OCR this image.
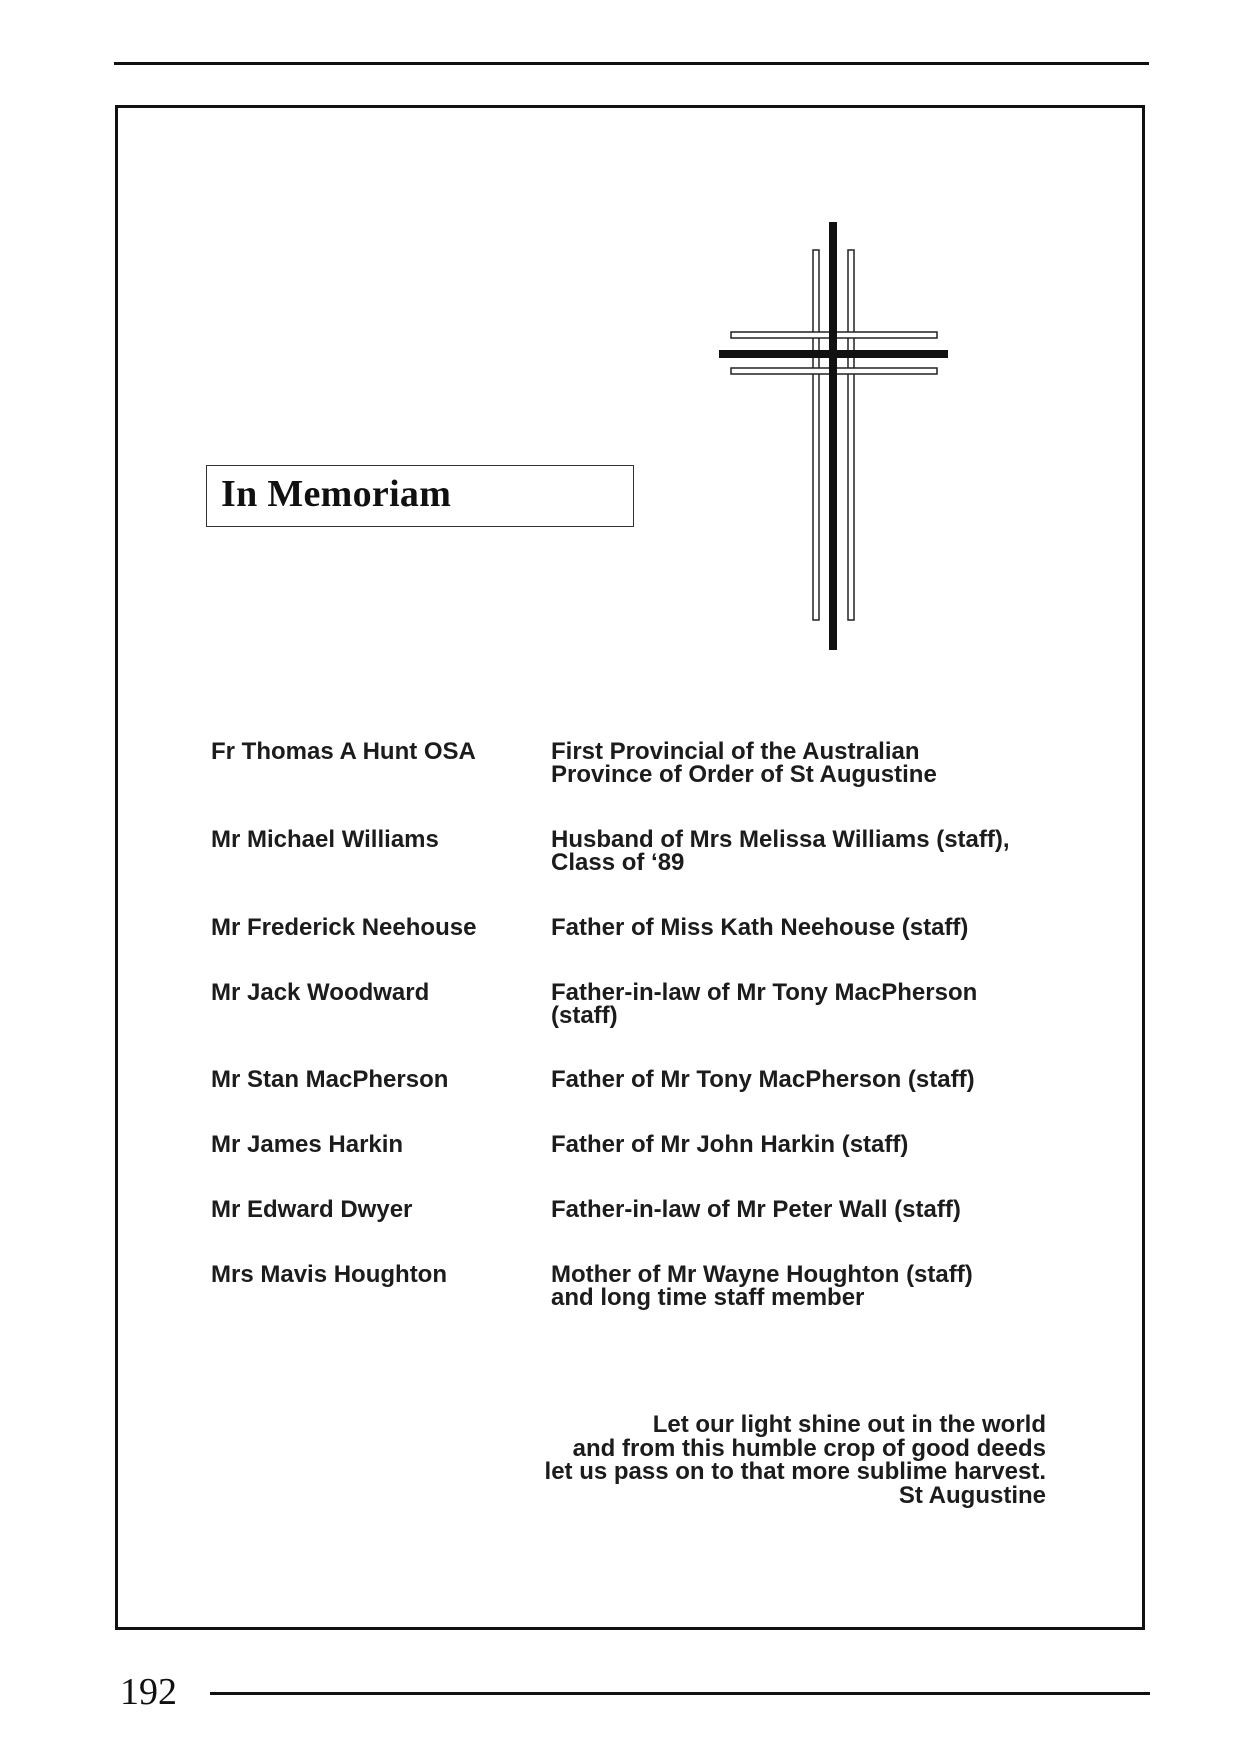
In Memoriam
Fr Thomas A Hunt OSA	First Provincial of the Australian
Province of Order of St Augustine
Mr Michael Williams	Husband of Mrs Melissa Williams (staff),
Class of ‘89
Mr Frederick Neehouse	Father of Miss Kath Neehouse (staff)
Mr Jack Woodward	Father-in-law of Mr Tony MacPherson
(staff)
Mr Stan MacPherson	Father of Mr Tony MacPherson (staff)
Mr James Harkin	Father of Mr John Harkin (staff)
Mr Edward Dwyer	Father-in-law of Mr Peter Wall (staff)
Mrs Mavis Houghton	Mother of Mr Wayne Houghton (staff)
and long time staff member
Let our light shine out in the world
and from this humble crop of good deeds
let us pass on to that more sublime harvest.
St Augustine
192
